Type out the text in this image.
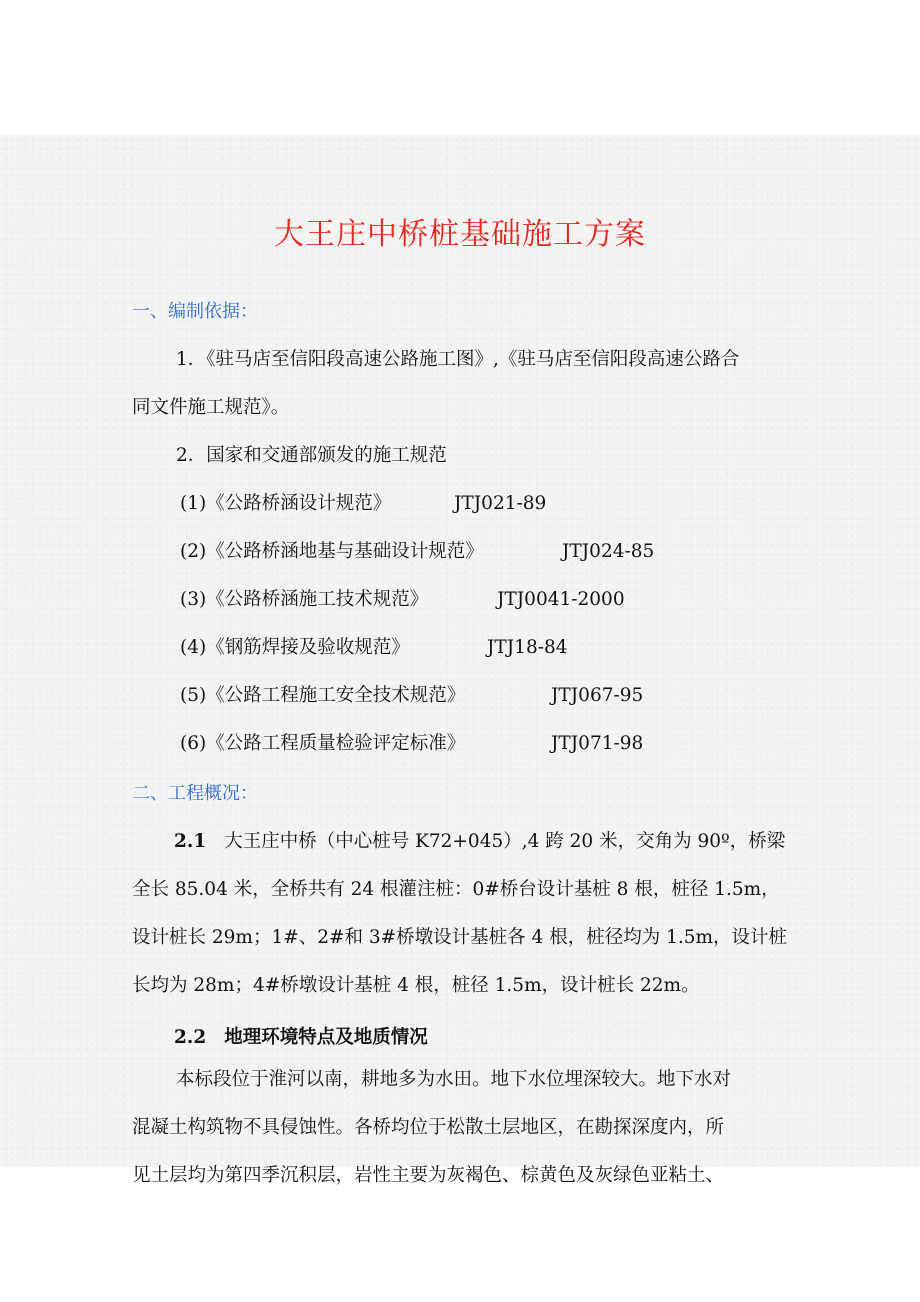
大王庄中桥桩基础施工方案
一、编制依据：
1．《驻马店至信阳段高速公路施工图》,《驻马店至信阳段高速公路合
同文件施工规范》。
2．国家和交通部颁发的施工规范
(1)《公路桥涵设计规范》	JTJ021-89
(2)《公路桥涵地基与基础设计规范》	JTJ024-85
(3)《公路桥涵施工技术规范》	JTJ0041-2000
(4)《钢筋焊接及验收规范》	JTJ18-84
(5)《公路工程施工安全技术规范》	JTJ067-95
(6)《公路工程质量检验评定标准》	JTJ071-98
二、工程概况：
2.1 大王庄中桥（中心桩号 K72+045）,4 跨 20 米，交角为 90º，桥梁
全长 85.04 米，全桥共有 24 根灌注桩：0#桥台设计基桩 8 根，桩径 1.5m，
设计桩长 29m；1#、2#和 3#桥墩设计基桩各 4 根，桩径均为 1.5m，设计桩
长均为 28m；4#桥墩设计基桩 4 根，桩径 1.5m，设计桩长 22m。
2.2 地理环境特点及地质情况
本标段位于淮河以南，耕地多为水田。地下水位埋深较大。地下水对
混凝土构筑物不具侵蚀性。各桥均位于松散土层地区，在勘探深度内，所
见土层均为第四季沉积层，岩性主要为灰褐色、棕黄色及灰绿色亚粘土、
